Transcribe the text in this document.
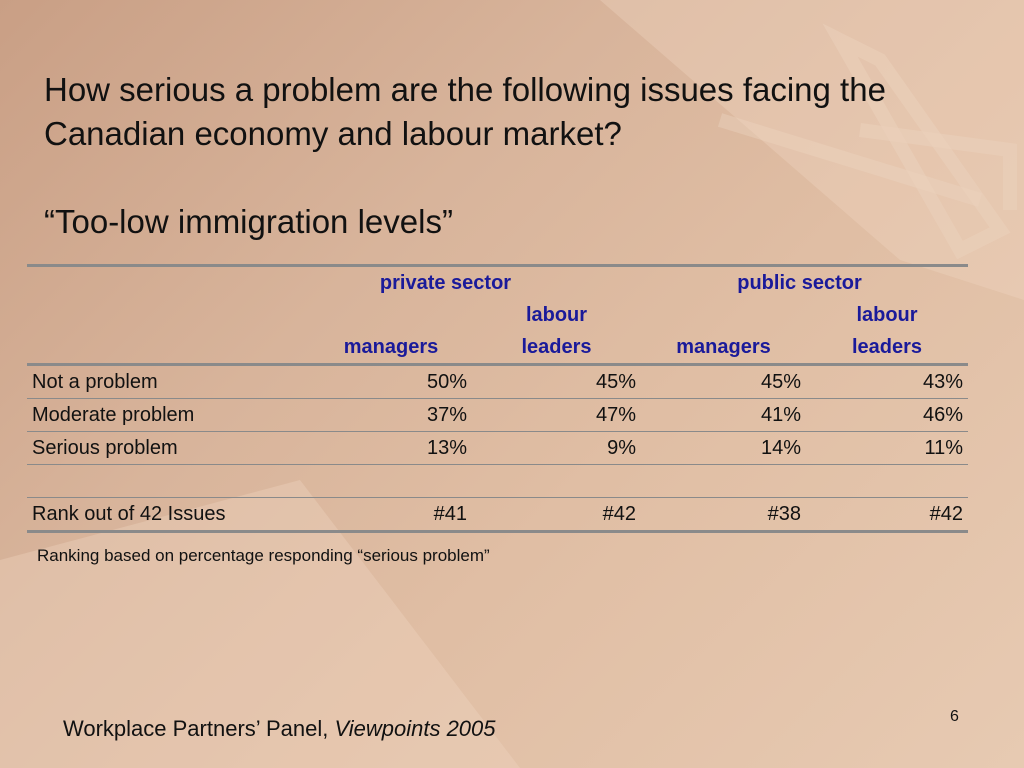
How serious a problem are the following issues facing the Canadian economy and labour market?
“Too-low immigration levels”
	private sector		public sector	
		labour		labour
	managers	leaders	managers	leaders
Not a problem	50%	45%	45%	43%
Moderate problem	37%	47%	41%	46%
Serious problem	13%	9%	14%	11%

Rank out of 42 Issues	#41	#42	#38	#42
Ranking based on percentage responding “serious problem”
Workplace Partners’ Panel, Viewpoints 2005	6
